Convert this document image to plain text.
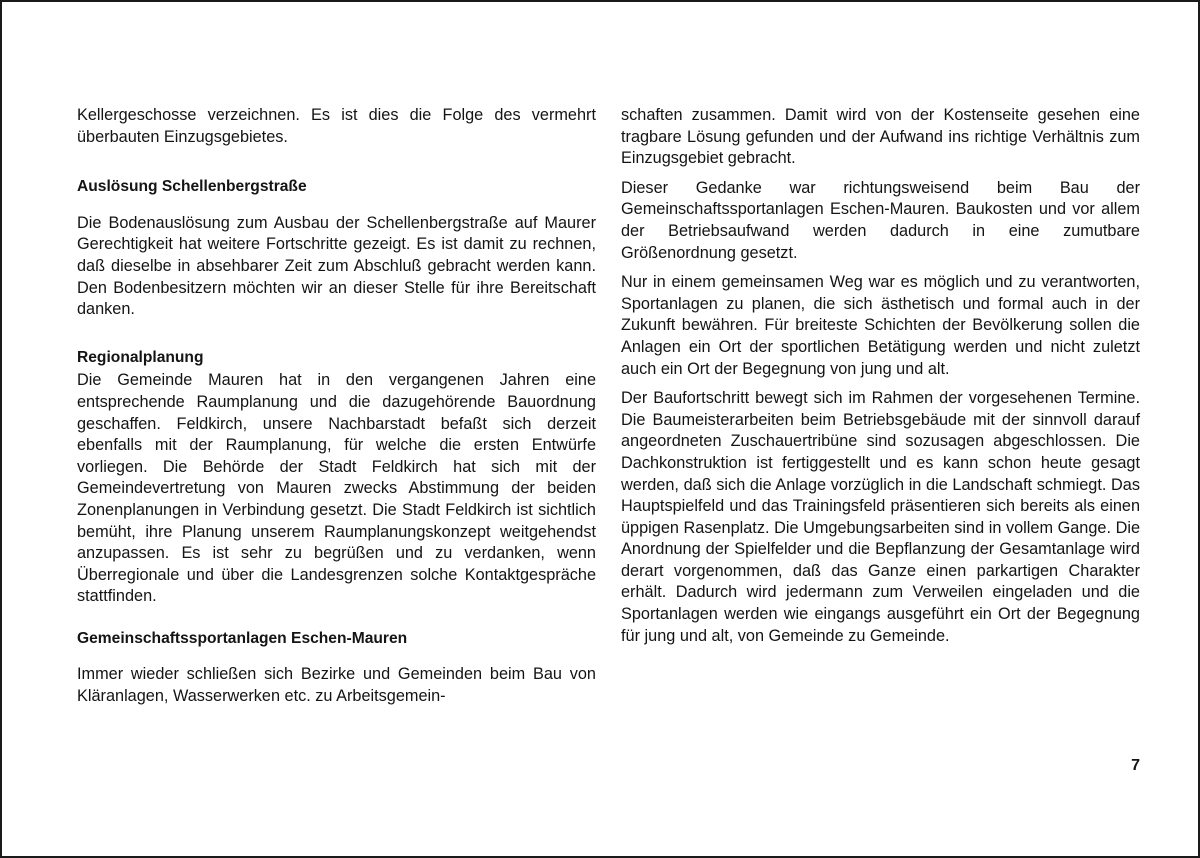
Kellergeschosse verzeichnen. Es ist dies die Folge des vermehrt überbauten Einzugsgebietes.

Auslösung Schellenbergstraße

Die Bodenauslösung zum Ausbau der Schellenbergstraße auf Maurer Gerechtigkeit hat weitere Fortschritte gezeigt. Es ist damit zu rechnen, daß dieselbe in absehbarer Zeit zum Abschluß gebracht werden kann. Den Bodenbesitzern möchten wir an dieser Stelle für ihre Bereitschaft danken.

Regionalplanung

Die Gemeinde Mauren hat in den vergangenen Jahren eine entsprechende Raumplanung und die dazugehörende Bauordnung geschaffen. Feldkirch, unsere Nachbarstadt befaßt sich derzeit ebenfalls mit der Raumplanung, für welche die ersten Entwürfe vorliegen. Die Behörde der Stadt Feldkirch hat sich mit der Gemeindevertretung von Mauren zwecks Abstimmung der beiden Zonenplanungen in Verbindung gesetzt. Die Stadt Feldkirch ist sichtlich bemüht, ihre Planung unserem Raumplanungskonzept weitgehendst anzupassen. Es ist sehr zu begrüßen und zu verdanken, wenn Überregionale und über die Landesgrenzen solche Kontaktgespräche stattfinden.

Gemeinschaftssportanlagen Eschen-Mauren

Immer wieder schließen sich Bezirke und Gemeinden beim Bau von Kläranlagen, Wasserwerken etc. zu Arbeitsgemein-

schaften zusammen. Damit wird von der Kostenseite gesehen eine tragbare Lösung gefunden und der Aufwand ins richtige Verhältnis zum Einzugsgebiet gebracht.

Dieser Gedanke war richtungsweisend beim Bau der Gemeinschaftssportanlagen Eschen-Mauren. Baukosten und vor allem der Betriebsaufwand werden dadurch in eine zumutbare Größenordnung gesetzt.

Nur in einem gemeinsamen Weg war es möglich und zu verantworten, Sportanlagen zu planen, die sich ästhetisch und formal auch in der Zukunft bewähren. Für breiteste Schichten der Bevölkerung sollen die Anlagen ein Ort der sportlichen Betätigung werden und nicht zuletzt auch ein Ort der Begegnung von jung und alt.

Der Baufortschritt bewegt sich im Rahmen der vorgesehenen Termine. Die Baumeisterarbeiten beim Betriebsgebäude mit der sinnvoll darauf angeordneten Zuschauertribüne sind sozusagen abgeschlossen. Die Dachkonstruktion ist fertiggestellt und es kann schon heute gesagt werden, daß sich die Anlage vorzüglich in die Landschaft schmiegt. Das Hauptspielfeld und das Trainingsfeld präsentieren sich bereits als einen üppigen Rasenplatz. Die Umgebungsarbeiten sind in vollem Gange. Die Anordnung der Spielfelder und die Bepflanzung der Gesamtanlage wird derart vorgenommen, daß das Ganze einen parkartigen Charakter erhält. Dadurch wird jedermann zum Verweilen eingeladen und die Sportanlagen werden wie eingangs ausgeführt ein Ort der Begegnung für jung und alt, von Gemeinde zu Gemeinde.

7
